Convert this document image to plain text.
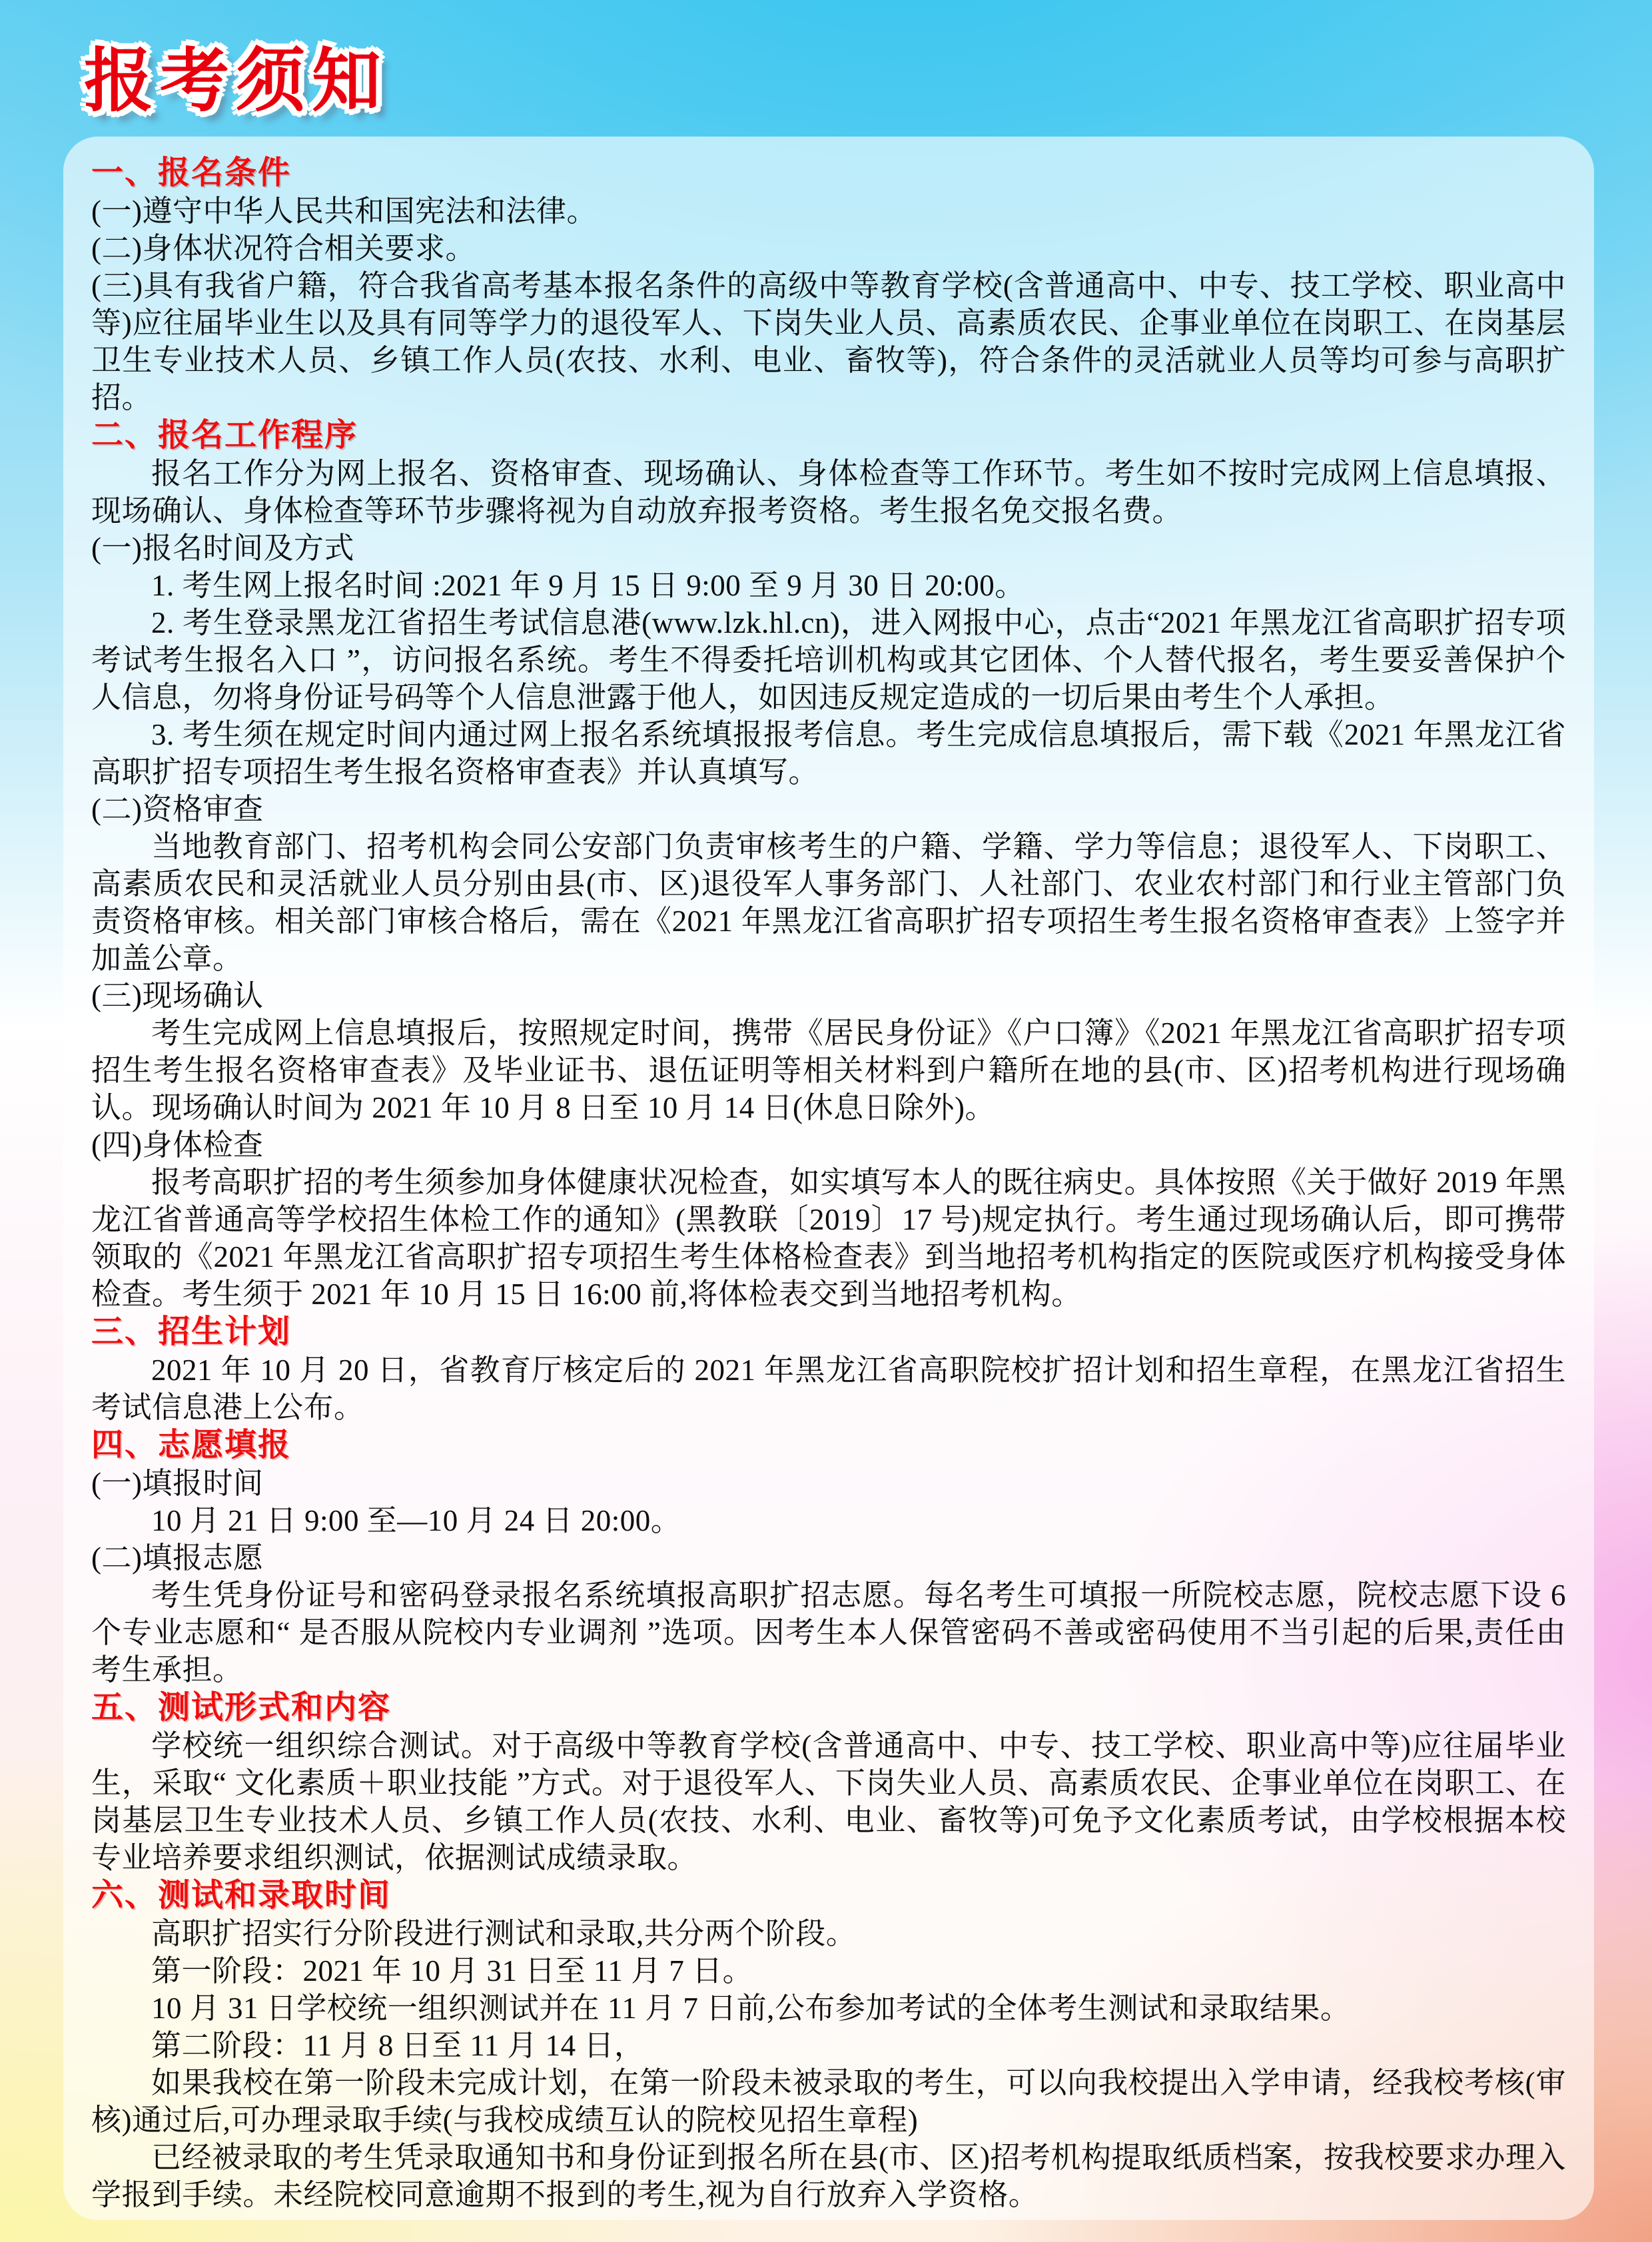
报考须知
一、报名条件

(一)遵守中华人民共和国宪法和法律。

(二)身体状况符合相关要求。

(三)具有我省户籍，符合我省高考基本报名条件的高级中等教育学校(含普通高中、中专、技工学校、职业高中等)应往届毕业生以及具有同等学力的退役军人、下岗失业人员、高素质农民、企事业单位在岗职工、在岗基层卫生专业技术人员、乡镇工作人员(农技、水利、电业、畜牧等)，符合条件的灵活就业人员等均可参与高职扩招。

二、报名工作程序

报名工作分为网上报名、资格审查、现场确认、身体检查等工作环节。考生如不按时完成网上信息填报、现场确认、身体检查等环节步骤将视为自动放弃报考资格。考生报名免交报名费。

(一)报名时间及方式

1. 考生网上报名时间 :2021 年 9 月 15 日 9:00 至 9 月 30 日 20:00。

2. 考生登录黑龙江省招生考试信息港(www.lzk.hl.cn)，进入网报中心，点击“2021 年黑龙江省高职扩招专项考试考生报名入口 ”，访问报名系统。考生不得委托培训机构或其它团体、个人替代报名，考生要妥善保护个人信息，勿将身份证号码等个人信息泄露于他人，如因违反规定造成的一切后果由考生个人承担。

3. 考生须在规定时间内通过网上报名系统填报报考信息。考生完成信息填报后，需下载《2021 年黑龙江省高职扩招专项招生考生报名资格审查表》并认真填写。

(二)资格审查

当地教育部门、招考机构会同公安部门负责审核考生的户籍、学籍、学力等信息；退役军人、下岗职工、高素质农民和灵活就业人员分别由县(市、区)退役军人事务部门、人社部门、农业农村部门和行业主管部门负责资格审核。相关部门审核合格后，需在《2021 年黑龙江省高职扩招专项招生考生报名资格审查表》上签字并加盖公章。

(三)现场确认

考生完成网上信息填报后，按照规定时间，携带《居民身份证》《户口簿》《2021 年黑龙江省高职扩招专项招生考生报名资格审查表》及毕业证书、退伍证明等相关材料到户籍所在地的县(市、区)招考机构进行现场确认。现场确认时间为 2021 年 10 月 8 日至 10 月 14 日(休息日除外)。

(四)身体检查

报考高职扩招的考生须参加身体健康状况检查，如实填写本人的既往病史。具体按照《关于做好 2019 年黑龙江省普通高等学校招生体检工作的通知》(黑教联〔2019〕17 号)规定执行。考生通过现场确认后，即可携带领取的《2021 年黑龙江省高职扩招专项招生考生体格检查表》到当地招考机构指定的医院或医疗机构接受身体检查。考生须于 2021 年 10 月 15 日 16:00 前,将体检表交到当地招考机构。

三、招生计划

2021 年 10 月 20 日，省教育厅核定后的 2021 年黑龙江省高职院校扩招计划和招生章程，在黑龙江省招生考试信息港上公布。

四、志愿填报

(一)填报时间

10 月 21 日 9:00 至—10 月 24 日 20:00。

(二)填报志愿

考生凭身份证号和密码登录报名系统填报高职扩招志愿。每名考生可填报一所院校志愿，院校志愿下设 6 个专业志愿和“ 是否服从院校内专业调剂 ”选项。因考生本人保管密码不善或密码使用不当引起的后果,责任由考生承担。

五、测试形式和内容

学校统一组织综合测试。对于高级中等教育学校(含普通高中、中专、技工学校、职业高中等)应往届毕业生，采取“ 文化素质＋职业技能 ”方式。对于退役军人、下岗失业人员、高素质农民、企事业单位在岗职工、在岗基层卫生专业技术人员、乡镇工作人员(农技、水利、电业、畜牧等)可免予文化素质考试，由学校根据本校专业培养要求组织测试，依据测试成绩录取。

六、测试和录取时间

高职扩招实行分阶段进行测试和录取,共分两个阶段。

第一阶段：2021 年 10 月 31 日至 11 月 7 日。

10 月 31 日学校统一组织测试并在 11 月 7 日前,公布参加考试的全体考生测试和录取结果。

第二阶段：11 月 8 日至 11 月 14 日，

如果我校在第一阶段未完成计划，在第一阶段未被录取的考生，可以向我校提出入学申请，经我校考核(审核)通过后,可办理录取手续(与我校成绩互认的院校见招生章程)

已经被录取的考生凭录取通知书和身份证到报名所在县(市、区)招考机构提取纸质档案，按我校要求办理入学报到手续。未经院校同意逾期不报到的考生,视为自行放弃入学资格。
